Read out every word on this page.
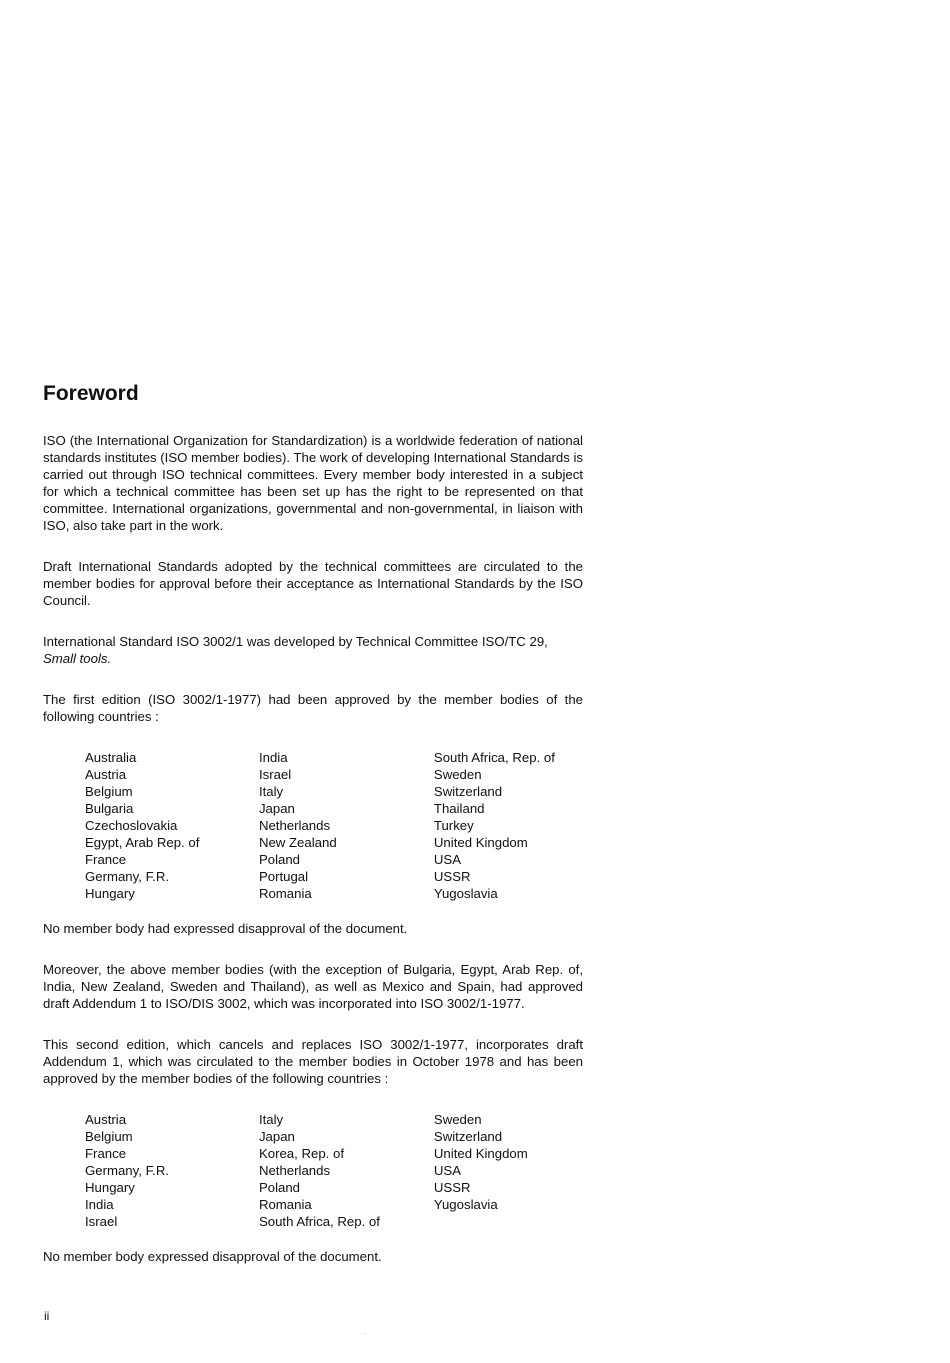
Foreword

ISO (the International Organization for Standardization) is a worldwide federation of national standards institutes (ISO member bodies). The work of developing International Standards is carried out through ISO technical committees. Every member body interested in a subject for which a technical committee has been set up has the right to be represented on that committee. International organizations, governmental and non-governmental, in liaison with ISO, also take part in the work.

Draft International Standards adopted by the technical committees are circulated to the member bodies for approval before their acceptance as International Standards by the ISO Council.

International Standard ISO 3002/1 was developed by Technical Committee ISO/TC 29,
Small tools.

The first edition (ISO 3002/1-1977) had been approved by the member bodies of the following countries :

Australia
Austria
Belgium
Bulgaria
Czechoslovakia
Egypt, Arab Rep. of
France
Germany, F.R.
Hungary
India
Israel
Italy
Japan
Netherlands
New Zealand
Poland
Portugal
Romania
South Africa, Rep. of
Sweden
Switzerland
Thailand
Turkey
United Kingdom
USA
USSR
Yugoslavia

No member body had expressed disapproval of the document.

Moreover, the above member bodies (with the exception of Bulgaria, Egypt, Arab Rep. of, India, New Zealand, Sweden and Thailand), as well as Mexico and Spain, had approved draft Addendum 1 to ISO/DIS 3002, which was incorporated into ISO 3002/1-1977.

This second edition, which cancels and replaces ISO 3002/1-1977, incorporates draft Addendum 1, which was circulated to the member bodies in October 1978 and has been approved by the member bodies of the following countries :

Austria
Belgium
France
Germany, F.R.
Hungary
India
Israel
Italy
Japan
Korea, Rep. of
Netherlands
Poland
Romania
South Africa, Rep. of
Sweden
Switzerland
United Kingdom
USA
USSR
Yugoslavia

No member body expressed disapproval of the document.

ii
